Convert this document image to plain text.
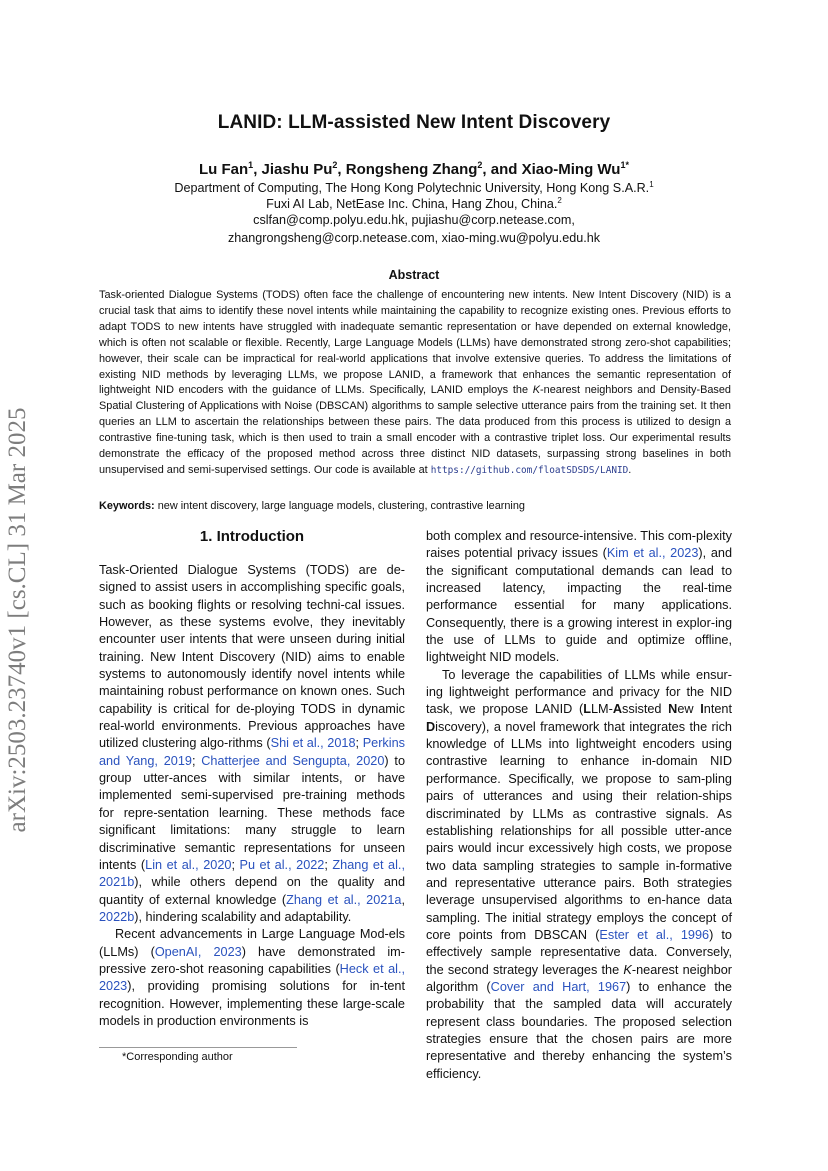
arXiv:2503.23740v1 [cs.CL] 31 Mar 2025
LANID: LLM-assisted New Intent Discovery
Lu Fan$^1$, Jiashu Pu$^2$, Rongsheng Zhang$^2$, and Xiao-Ming $Wu^{1*}$
Department of Computing, The Hong Kong Polytechnic University, Hong Kong S.A.R.$^1$
Fuxi AI Lab, NetEase Inc. China, Hang Zhou, China.$^2$
cslfan@comp.polyu.edu.hk, pujiashu@corp.netease.com,
zhangrongsheng@corp.netease.com, xiao-ming.wu@polyu.edu.hk
Abstract
Task-oriented Dialogue Systems (TODS) often face the challenge of encountering new intents. New Intent Discovery (NID) is a crucial task that aims to identify these novel intents while maintaining the capability to recognize existing ones. Previous efforts to adapt TODS to new intents have struggled with inadequate semantic representation or have depended on external knowledge, which is often not scalable or flexible. Recently, Large Language Models (LLMs) have demonstrated strong zero-shot capabilities; however, their scale can be impractical for real-world applications that involve extensive queries. To address the limitations of existing NID methods by leveraging LLMs, we propose LANID, a framework that enhances the semantic representation of lightweight NID encoders with the guidance of LLMs. Specifically, LANID employs the K-nearest neighbors and Density-Based Spatial Clustering of Applications with Noise (DBSCAN) algorithms to sample selective utterance pairs from the training set. It then queries an LLM to ascertain the relationships between these pairs. The data produced from this process is utilized to design a contrastive fine-tuning task, which is then used to train a small encoder with a contrastive triplet loss. Our experimental results demonstrate the efficacy of the proposed method across three distinct NID datasets, surpassing strong baselines in both unsupervised and semi-supervised settings. Our code is available at https://github.com/floatSDSDS/LANID.
Keywords: new intent discovery, large language models, clustering, contrastive learning
1. Introduction

Task-Oriented Dialogue Systems (TODS) are de-signed to assist users in accomplishing specific goals, such as booking flights or resolving techni-cal issues. However, as these systems evolve, they inevitably encounter user intents that were unseen during initial training. New Intent Discovery (NID) aims to enable systems to autonomously identify novel intents while maintaining robust performance on known ones. Such capability is critical for de-ploying TODS in dynamic real-world environments. Previous approaches have utilized clustering algo-rithms (Shi et al., 2018; Perkins and Yang, 2019; Chatterjee and Sengupta, 2020) to group utter-ances with similar intents, or have implemented semi-supervised pre-training methods for repre-sentation learning. These methods face significant limitations: many struggle to learn discriminative semantic representations for unseen intents (Lin et al., 2020; Pu et al., 2022; Zhang et al., 2021b), while others depend on the quality and quantity of external knowledge (Zhang et al., 2021a, 2022b), hindering scalability and adaptability.

Recent advancements in Large Language Mod-els (LLMs) (OpenAI, 2023) have demonstrated im-pressive zero-shot reasoning capabilities (Heck et al., 2023), providing promising solutions for in-tent recognition. However, implementing these large-scale models in production environments is

both complex and resource-intensive. This com-plexity raises potential privacy issues (Kim et al., 2023), and the significant computational demands can lead to increased latency, impacting the real-time performance essential for many applications. Consequently, there is a growing interest in explor-ing the use of LLMs to guide and optimize offline, lightweight NID models.

To leverage the capabilities of LLMs while ensur-ing lightweight performance and privacy for the NID task, we propose LANID (LLM-Assisted New Intent Discovery), a novel framework that integrates the rich knowledge of LLMs into lightweight encoders using contrastive learning to enhance in-domain NID performance. Specifically, we propose to sam-pling pairs of utterances and using their relation-ships discriminated by LLMs as contrastive signals. As establishing relationships for all possible utter-ance pairs would incur excessively high costs, we propose two data sampling strategies to sample in-formative and representative utterance pairs. Both strategies leverage unsupervised algorithms to en-hance data sampling. The initial strategy employs the concept of core points from DBSCAN (Ester et al., 1996) to effectively sample representative data. Conversely, the second strategy leverages the K-nearest neighbor algorithm (Cover and Hart, 1967) to enhance the probability that the sampled data will accurately represent class boundaries. The proposed selection strategies ensure that the chosen pairs are more representative and thereby enhancing the system’s efficiency.

*Corresponding author
